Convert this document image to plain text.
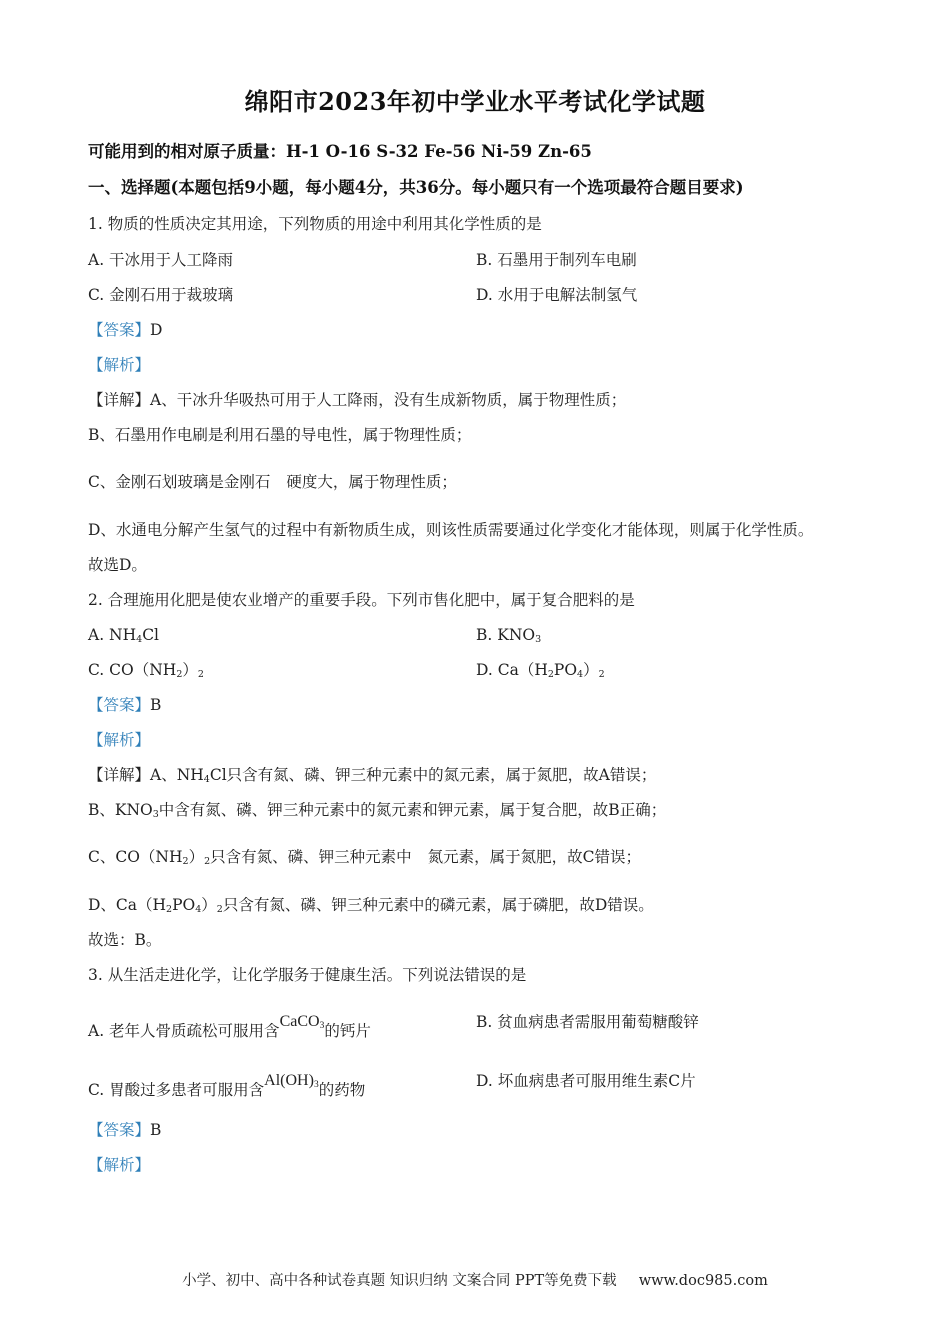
绵阳市2023年初中学业水平考试化学试题
可能用到的相对原子质量：H-1 O-16 S-32 Fe-56 Ni-59 Zn-65
一、选择题(本题包括9小题，每小题4分，共36分。每小题只有一个选项最符合题目要求)
1. 物质的性质决定其用途，下列物质的用途中利用其化学性质的是
A. 干冰用于人工降雨	B. 石墨用于制列车电刷
C. 金刚石用于裁玻璃	D. 水用于电解法制氢气
【答案】D
【解析】
【详解】A、干冰升华吸热可用于人工降雨，没有生成新物质，属于物理性质；
B、石墨用作电刷是利用石墨的导电性，属于物理性质；
C、金刚石划玻璃是金刚石 硬度大，属于物理性质；
D、水通电分解产生氢气的过程中有新物质生成，则该性质需要通过化学变化才能体现，则属于化学性质。
故选D。
2. 合理施用化肥是使农业增产的重要手段。下列市售化肥中，属于复合肥料的是
A. $NH_4Cl$	B. $KNO_3$
C. $CO(NH_2)_2$	D. $Ca(H_2PO_4)_2$
【答案】B
【解析】
【详解】A、$NH_4Cl$只含有氮、磷、钾三种元素中的氮元素，属于氮肥，故A错误；
B、$KNO_3$中含有氮、磷、钾三种元素中的氮元素和钾元素，属于复合肥，故B正确；
C、$CO(NH_2)_2$只含有氮、磷、钾三种元素中 氮元素，属于氮肥，故C错误；
D、$Ca(H_2PO_4)_2$只含有氮、磷、钾三种元素中的磷元素，属于磷肥，故D错误。
故选：B。
3. 从生活走进化学，让化学服务于健康生活。下列说法错误的是
A. 老年人骨质疏松可服用含CaCO$_3$的钙片	B. 贫血病患者需服用葡萄糖酸锌
C. 胃酸过多患者可服用含$Al(OH)_3$的药物	D. 坏血病患者可服用维生素C片
【答案】B
【解析】
小学、初中、高中各种试卷真题 知识归纳 文案合同 PPT等免费下载 www.doc985.com
